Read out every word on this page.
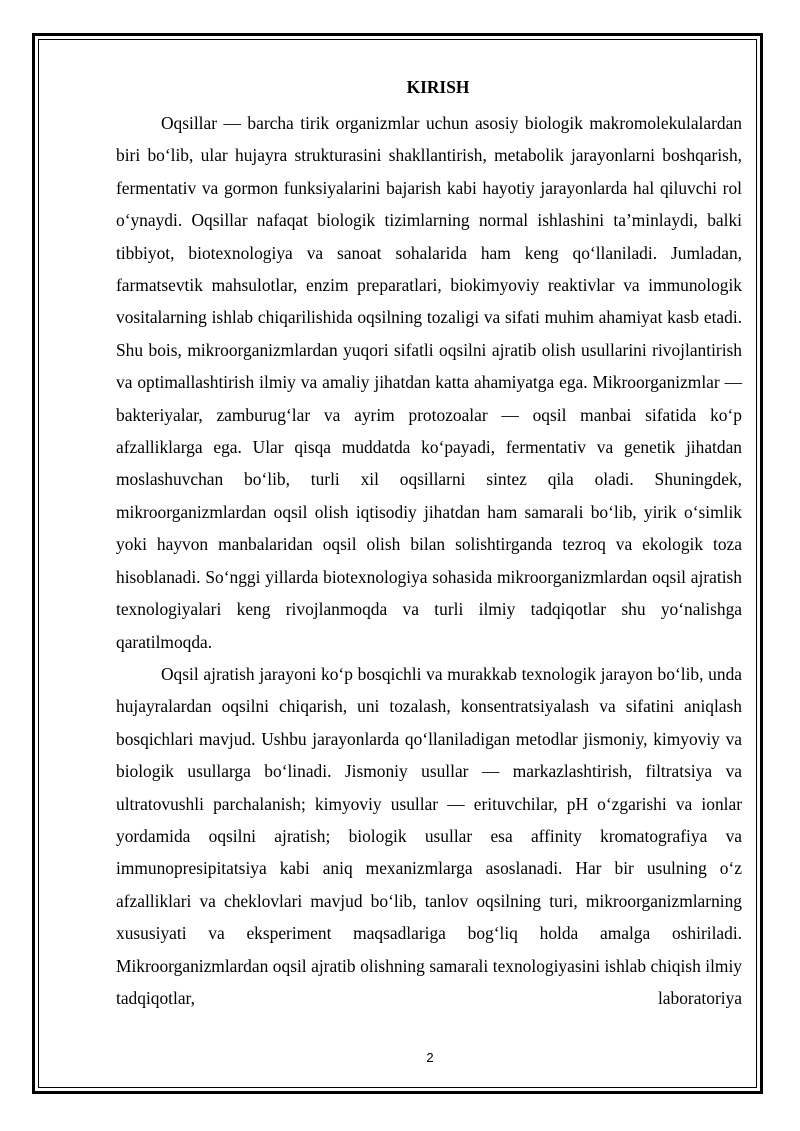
KIRISH

Oqsillar — barcha tirik organizmlar uchun asosiy biologik makromolekulalardan biri bo‘lib, ular hujayra strukturasini shakllantirish, metabolik jarayonlarni boshqarish, fermentativ va gormon funksiyalarini bajarish kabi hayotiy jarayonlarda hal qiluvchi rol o‘ynaydi. Oqsillar nafaqat biologik tizimlarning normal ishlashini ta’minlaydi, balki tibbiyot, biotexnologiya va sanoat sohalarida ham keng qo‘llaniladi. Jumladan, farmatsevtik mahsulotlar, enzim preparatlari, biokimyoviy reaktivlar va immunologik vositalarning ishlab chiqarilishida oqsilning tozaligi va sifati muhim ahamiyat kasb etadi. Shu bois, mikroorganizmlardan yuqori sifatli oqsilni ajratib olish usullarini rivojlantirish va optimallashtirish ilmiy va amaliy jihatdan katta ahamiyatga ega. Mikroorganizmlar — bakteriyalar, zamburug‘lar va ayrim protozoalar — oqsil manbai sifatida ko‘p afzalliklarga ega. Ular qisqa muddatda ko‘payadi, fermentativ va genetik jihatdan moslashuvchan bo‘lib, turli xil oqsillarni sintez qila oladi. Shuningdek, mikroorganizmlardan oqsil olish iqtisodiy jihatdan ham samarali bo‘lib, yirik o‘simlik yoki hayvon manbalaridan oqsil olish bilan solishtirganda tezroq va ekologik toza hisoblanadi. So‘nggi yillarda biotexnologiya sohasida mikroorganizmlardan oqsil ajratish texnologiyalari keng rivojlanmoqda va turli ilmiy tadqiqotlar shu yo‘nalishga qaratilmoqda.

Oqsil ajratish jarayoni ko‘p bosqichli va murakkab texnologik jarayon bo‘lib, unda hujayralardan oqsilni chiqarish, uni tozalash, konsentratsiyalash va sifatini aniqlash bosqichlari mavjud. Ushbu jarayonlarda qo‘llaniladigan metodlar jismoniy, kimyoviy va biologik usullarga bo‘linadi. Jismoniy usullar — markazlashtirish, filtratsiya va ultratovushli parchalanish; kimyoviy usullar — erituvchilar, pH o‘zgarishi va ionlar yordamida oqsilni ajratish; biologik usullar esa affinity kromatografiya va immunopresipitatsiya kabi aniq mexanizmlarga asoslanadi. Har bir usulning o‘z afzalliklari va cheklovlari mavjud bo‘lib, tanlov oqsilning turi, mikroorganizmlarning xususiyati va eksperiment maqsadlariga bog‘liq holda amalga oshiriladi. Mikroorganizmlardan oqsil ajratib olishning samarali texnologiyasini ishlab chiqish ilmiy tadqiqotlar, laboratoriya

2
